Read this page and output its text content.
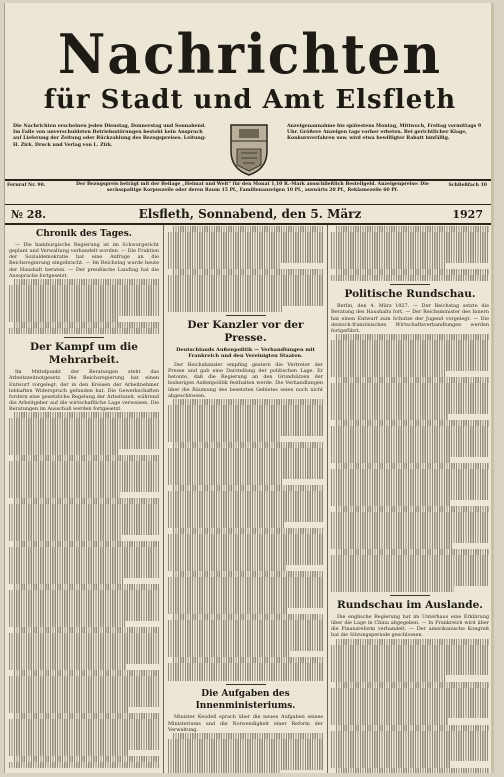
Nachrichten
für Stadt und Amt Elsfleth
Die Nachrichten erscheinen jeden Dienstag, Donnerstag und Sonnabend. Im Falle von unverschuldeten Betriebsstörungen besteht kein Anspruch auf Lieferung der Zeitung oder Rückzahlung des Bezugspreises. Leitung: H. Zirk. Druck und Verlag von L. Zirk.
Anzeigenannahme bis spätestens Montag, Mittwoch, Freitag vormittags 9 Uhr. Größere Anzeigen tags vorher erbeten. Bei gerichtlicher Klage, Konkursverfahren usw. wird etwa bewilligter Rabatt hinfällig.
Fernruf Nr. 90.	Der Bezugspreis beträgt mit der Beilage „Heimat und Welt“ für den Monat 1,10 R.-Mark ausschließlich Bestellgeld. Anzeigenpreise: Die sechsspaltige Korpuszeile oder deren Raum 15 Pf., Familienanzeigen 10 Pf., auswärts 20 Pf., Reklamezeile 60 Pf.
Schließfach 10
№ 28.	Elsfleth, Sonnabend, den 5. März	1927
Chronik des Tages.
— Die hamburgische Regierung ist im Schwurgericht geplant und Verwaltung verhandelt worden. — Die Fraktion der Sozialdemokratie hat eine Anfrage an die Reichsregierung eingebracht. — Im Reichstag wurde heute der Haushalt beraten. — Der preußische Landtag hat die Aussprache fortgesetzt.
Der Kampf um die Mehrarbeit.
Im Mittelpunkt der Beratungen steht das Arbeitszeitnotgesetz. Die Reichsregierung hat einen Entwurf vorgelegt, der in den Kreisen der Arbeitnehmer lebhaften Widerspruch gefunden hat. Die Gewerkschaften fordern eine gesetzliche Regelung der Arbeitszeit, während die Arbeitgeber auf die wirtschaftliche Lage verweisen. Die Beratungen im Ausschuß werden fortgesetzt.
Der Kanzler vor der Presse.
Deutschlands Außenpolitik — Verhandlungen mit Frankreich und den Vereinigten Staaten.
Der Reichskanzler empfing gestern die Vertreter der Presse und gab eine Darstellung der politischen Lage. Er betonte, daß die Regierung an den Grundsätzen der bisherigen Außenpolitik festhalten werde. Die Verhandlungen über die Räumung des besetzten Gebietes seien noch nicht abgeschlossen.
Die Aufgaben des Innenministeriums.
Minister Keudell sprach über die neuen Aufgaben seines Ministeriums und die Notwendigkeit einer Reform der Verwaltung.
Politische Rundschau.
Berlin, den 4. März 1927. — Der Reichstag setzte die Beratung des Haushalts fort. — Der Reichsminister des Innern hat einen Entwurf zum Schutze der Jugend vorgelegt. — Die deutsch-französischen Wirtschaftsverhandlungen werden fortgeführt.
Rundschau im Auslande.
Die englische Regierung hat im Unterhaus eine Erklärung über die Lage in China abgegeben. — In Frankreich wird über die Finanzreform verhandelt. — Der amerikanische Kongreß hat die Sitzungsperiode geschlossen.
